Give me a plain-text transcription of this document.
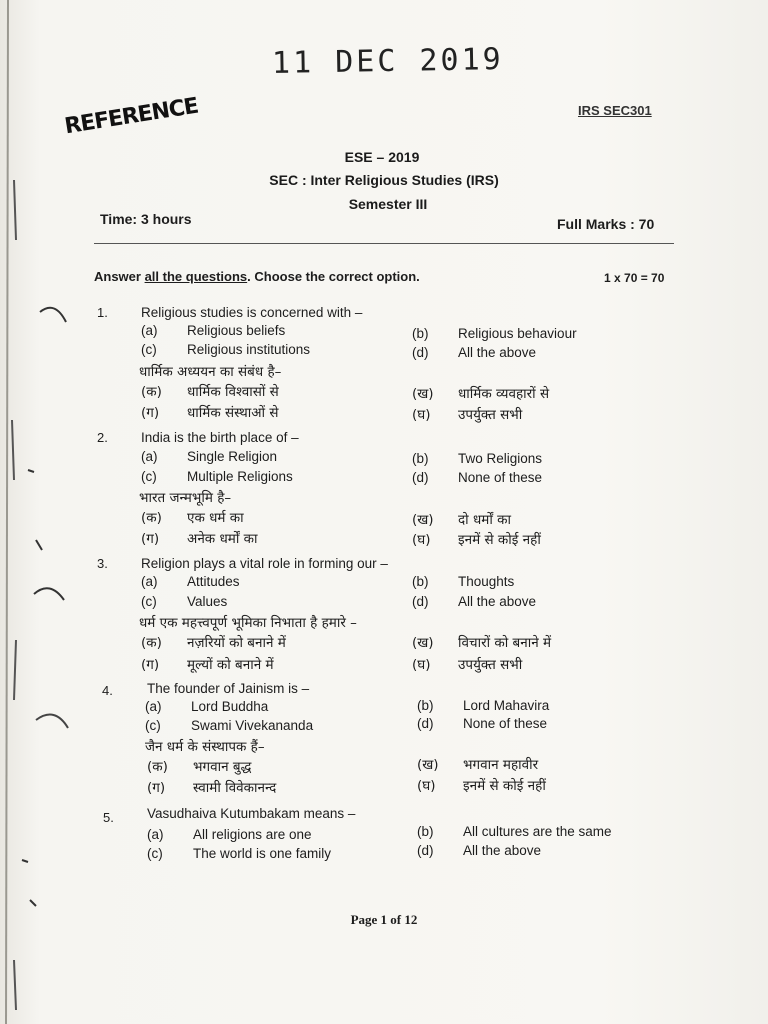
11 DEC 2019
REFERENCE	IRS SEC301
ESE – 2019
SEC : Inter Religious Studies (IRS)
Semester III
Time: 3 hours	Full Marks : 70
Answer all the questions. Choose the correct option.	1 x 70 = 70
1. Religious studies is concerned with –
(a) Religious beliefs	(b) Religious behaviour
(c) Religious institutions	(d) All the above
धार्मिक अध्ययन का संबंध है–
(क) धार्मिक विश्वासों से	(ख) धार्मिक व्यवहारों से
(ग) धार्मिक संस्थाओं से	(घ) उपर्युक्त सभी
2. India is the birth place of –
(a) Single Religion	(b) Two Religions
(c) Multiple Religions	(d) None of these
भारत जन्मभूमि है–
(क) एक धर्म का	(ख) दो धर्मों का
(ग) अनेक धर्मों का	(घ) इनमें से कोई नहीं
3. Religion plays a vital role in forming our –
(a) Attitudes	(b) Thoughts
(c) Values	(d) All the above
धर्म एक महत्त्वपूर्ण भूमिका निभाता है हमारे –
(क) नज़रियों को बनाने में	(ख) विचारों को बनाने में
(ग) मूल्यों को बनाने में	(घ) उपर्युक्त सभी
4.	The founder of Jainism is –
(a) Lord Buddha	(b) Lord Mahavira
(c) Swami Vivekananda	(d) None of these
जैन धर्म के संस्थापक हैं–
(क) भगवान बुद्ध	(ख) भगवान महावीर
(ग) स्वामी विवेकानन्द	(घ) इनमें से कोई नहीं
5. Vasudhaiva Kutumbakam means –
(a) All religions are one	(b) All cultures are the same
(c) The world is one family	(d) All the above
Page 1 of 12
